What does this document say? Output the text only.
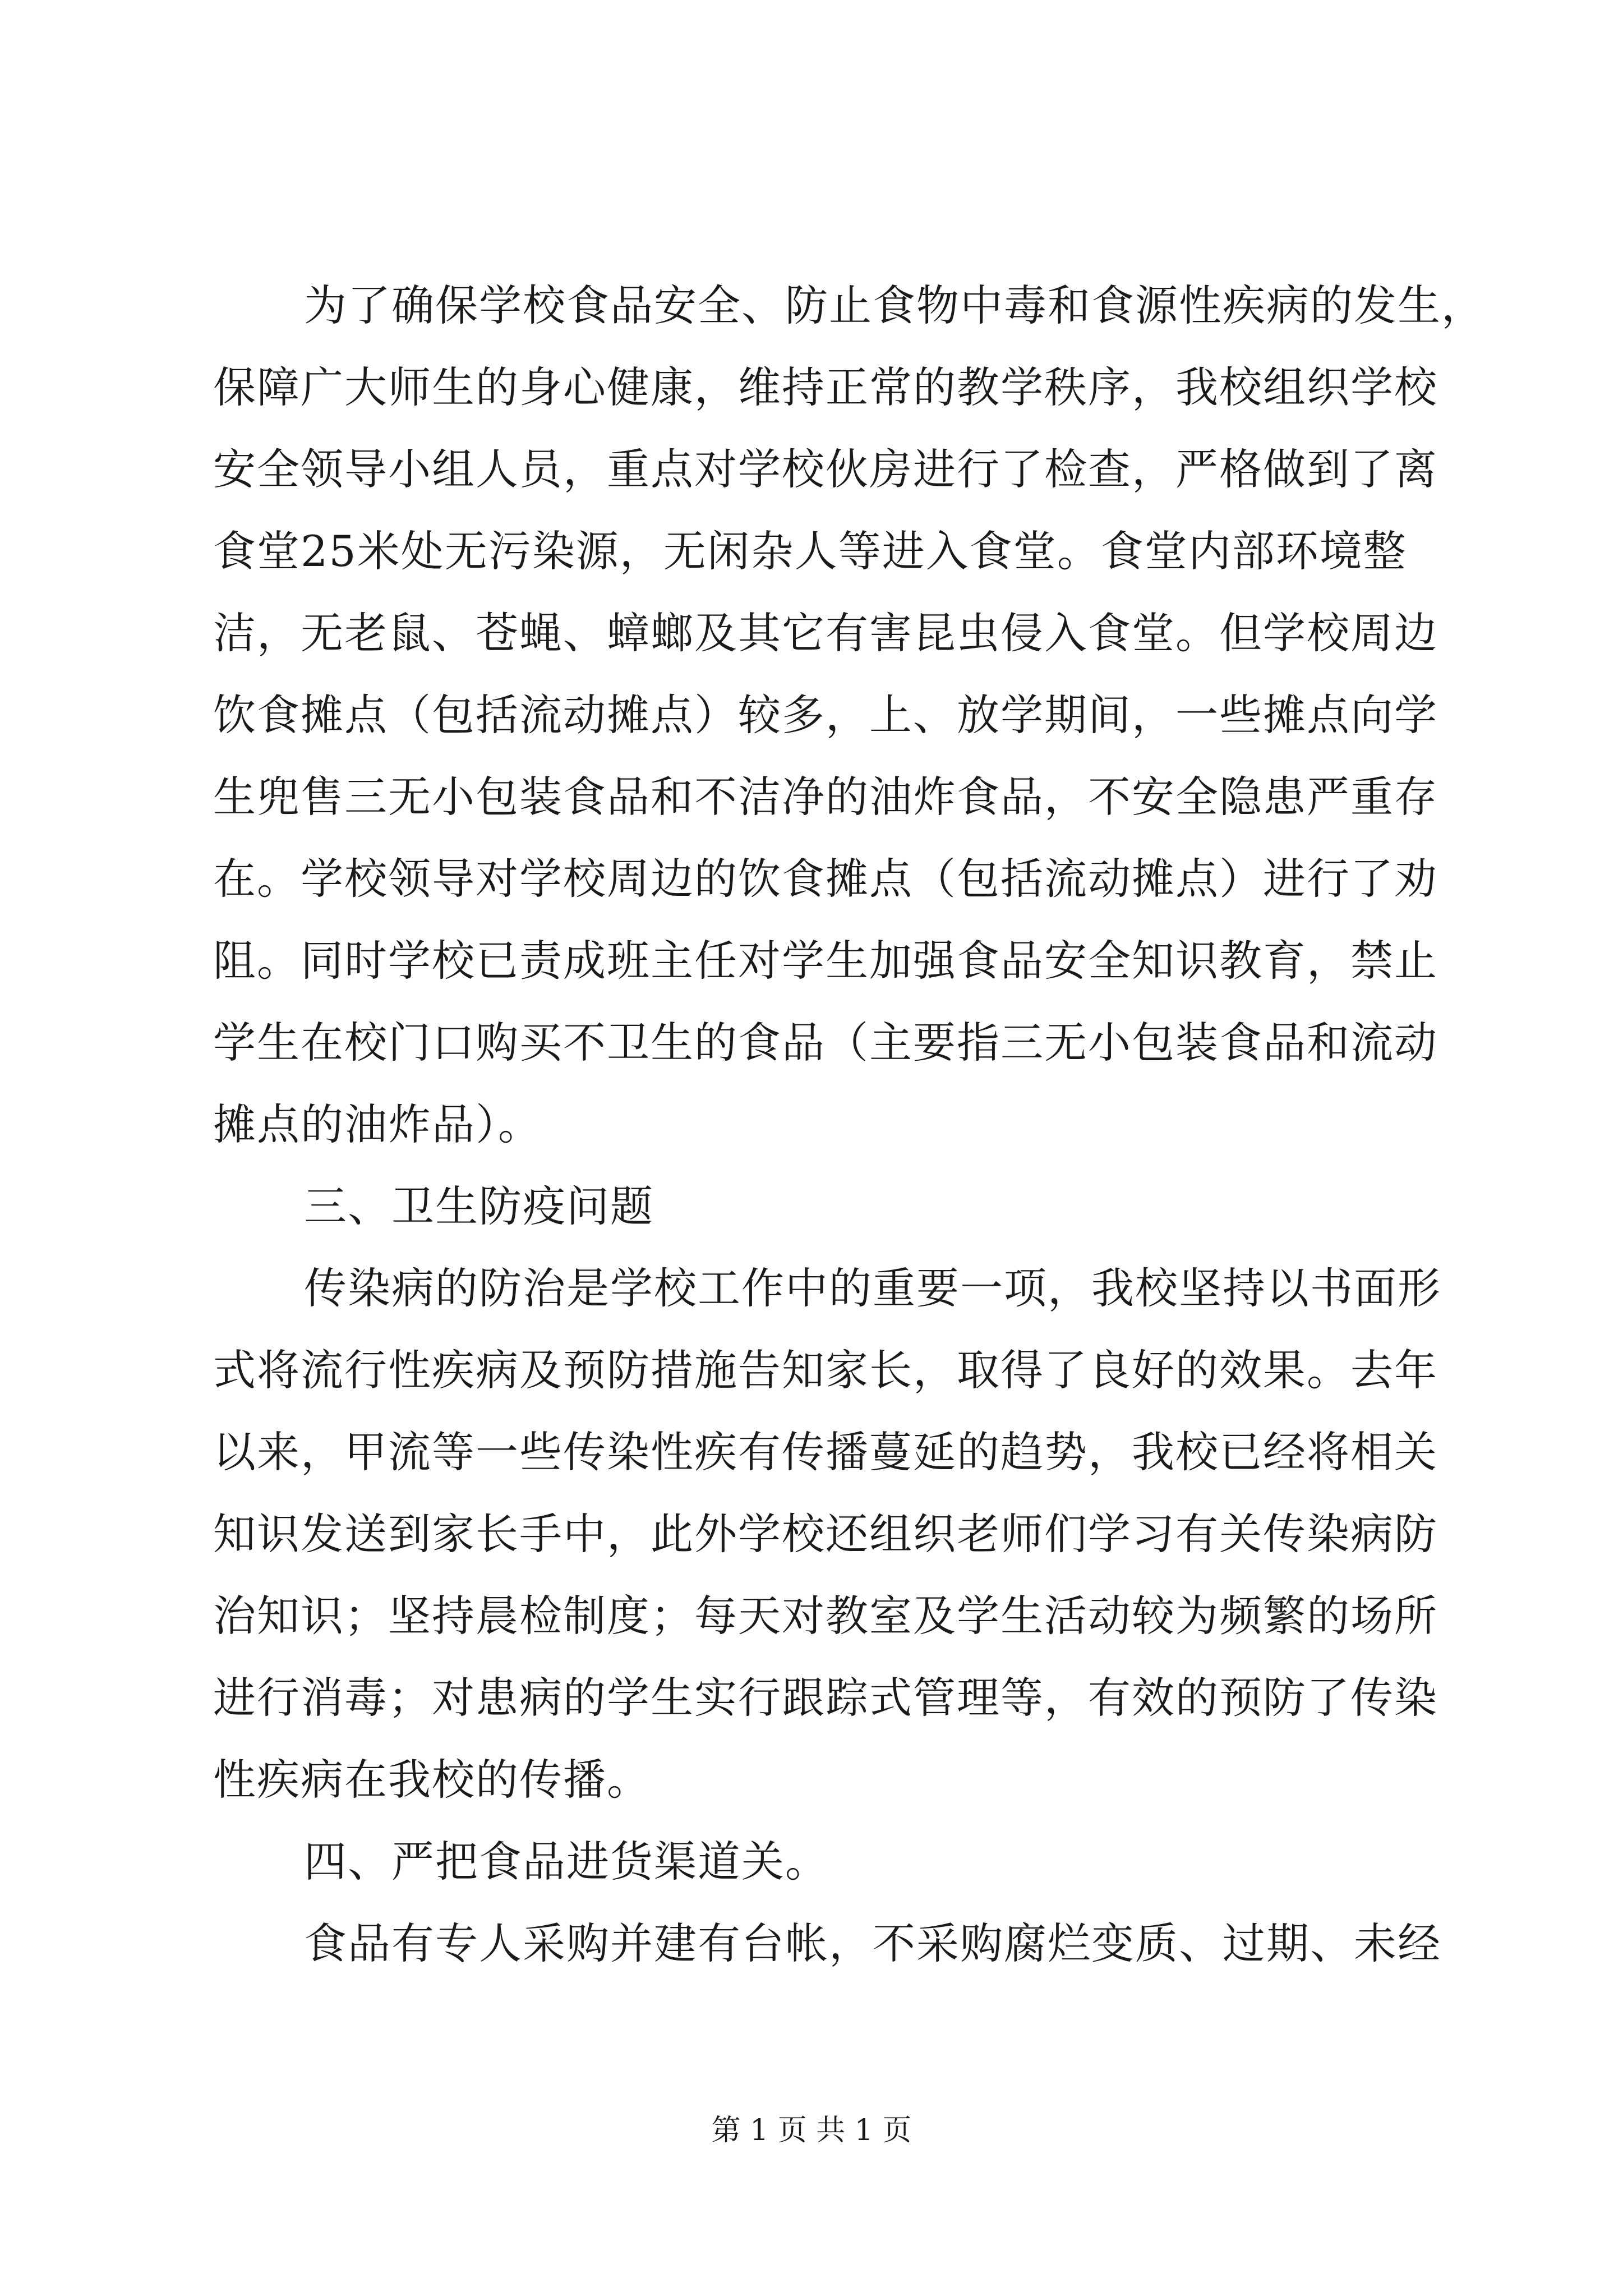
为了确保学校食品安全、防止食物中毒和食源性疾病的发生，
保障广大师生的身心健康，维持正常的教学秩序，我校组织学校
安全领导小组人员，重点对学校伙房进行了检查，严格做到了离
食堂25米处无污染源，无闲杂人等进入食堂。食堂内部环境整
洁，无老鼠、苍蝇、蟑螂及其它有害昆虫侵入食堂。但学校周边
饮食摊点（包括流动摊点）较多，上、放学期间，一些摊点向学
生兜售三无小包装食品和不洁净的油炸食品，不安全隐患严重存
在。学校领导对学校周边的饮食摊点（包括流动摊点）进行了劝
阻。同时学校已责成班主任对学生加强食品安全知识教育，禁止
学生在校门口购买不卫生的食品（主要指三无小包装食品和流动
摊点的油炸品）。
三、卫生防疫问题
传染病的防治是学校工作中的重要一项，我校坚持以书面形
式将流行性疾病及预防措施告知家长，取得了良好的效果。去年
以来，甲流等一些传染性疾有传播蔓延的趋势，我校已经将相关
知识发送到家长手中，此外学校还组织老师们学习有关传染病防
治知识；坚持晨检制度；每天对教室及学生活动较为频繁的场所
进行消毒；对患病的学生实行跟踪式管理等，有效的预防了传染
性疾病在我校的传播。
四、严把食品进货渠道关。
食品有专人采购并建有台帐，不采购腐烂变质、过期、未经
第 1 页 共 1 页
